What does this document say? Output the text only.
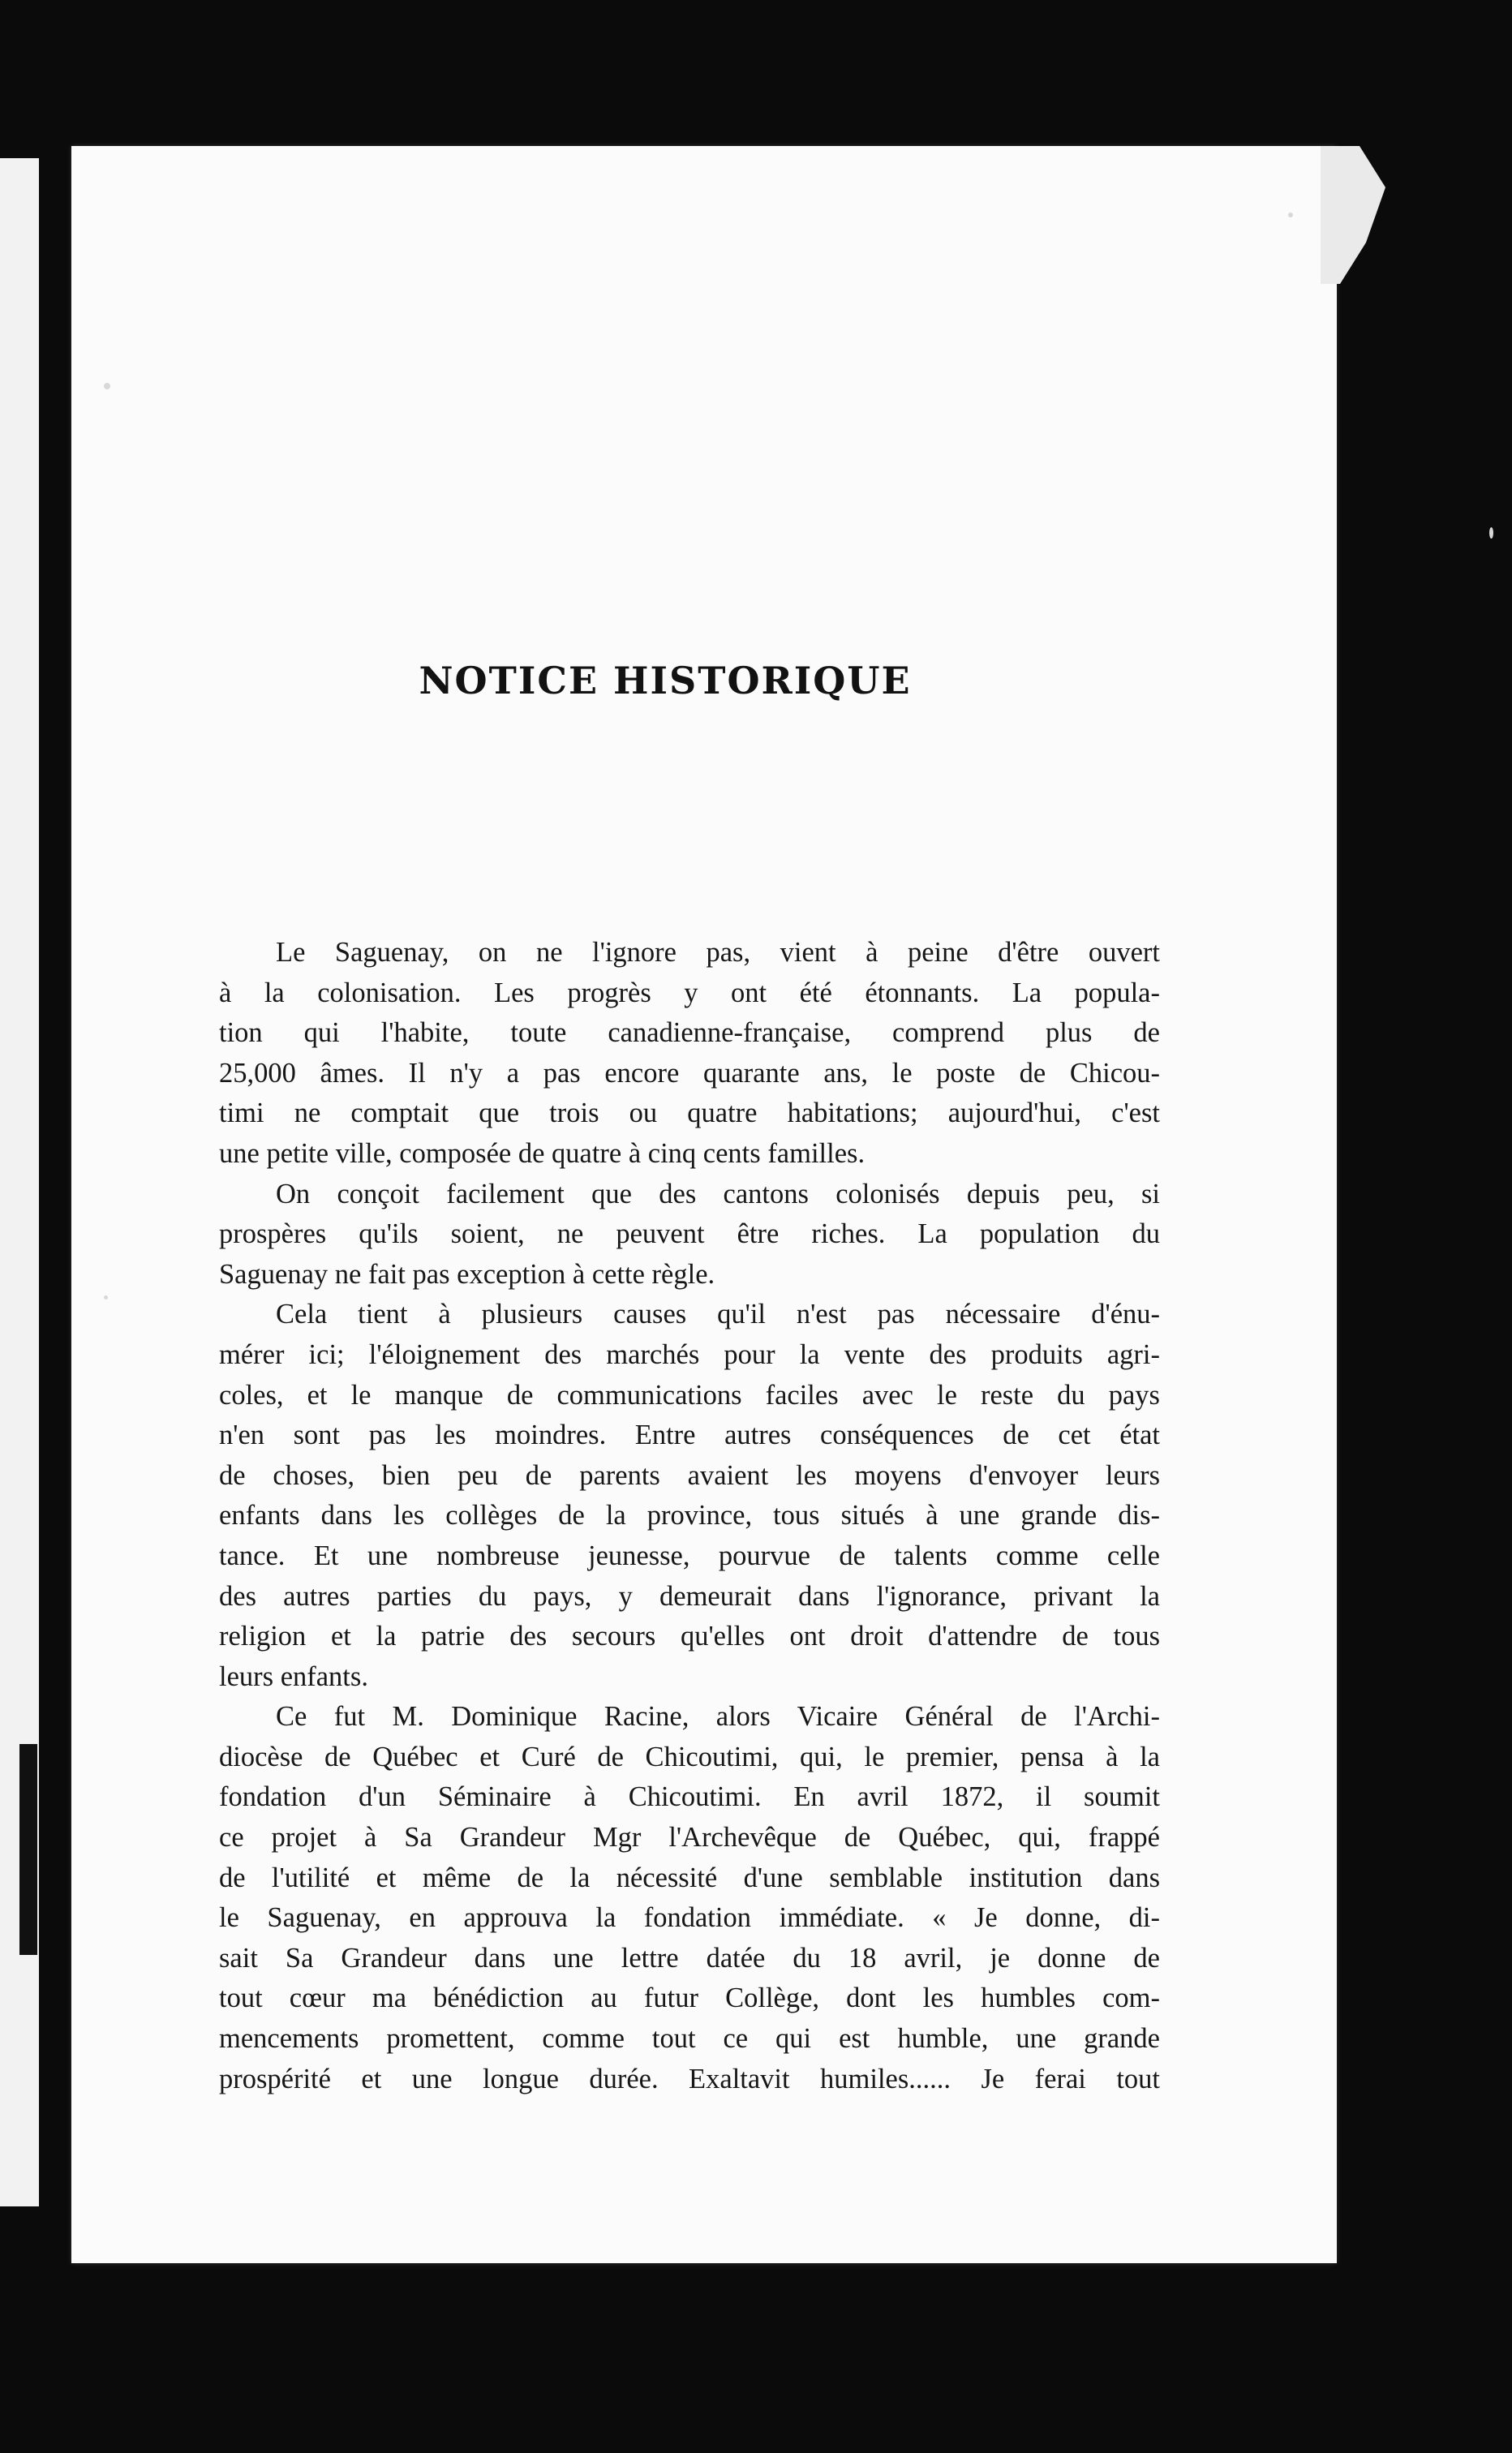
NOTICE HISTORIQUE
Le Saguenay, on ne l'ignore pas, vient à peine d'être ouvert
à la colonisation. Les progrès y ont été étonnants. La popula-
tion qui l'habite, toute canadienne-française, comprend plus de
25,000 âmes. Il n'y a pas encore quarante ans, le poste de Chicou-
timi ne comptait que trois ou quatre habitations; aujourd'hui, c'est
une petite ville, composée de quatre à cinq cents familles.
On conçoit facilement que des cantons colonisés depuis peu, si
prospères qu'ils soient, ne peuvent être riches. La population du
Saguenay ne fait pas exception à cette règle.
Cela tient à plusieurs causes qu'il n'est pas nécessaire d'énu-
mérer ici; l'éloignement des marchés pour la vente des produits agri-
coles, et le manque de communications faciles avec le reste du pays
n'en sont pas les moindres. Entre autres conséquences de cet état
de choses, bien peu de parents avaient les moyens d'envoyer leurs
enfants dans les collèges de la province, tous situés à une grande dis-
tance. Et une nombreuse jeunesse, pourvue de talents comme celle
des autres parties du pays, y demeurait dans l'ignorance, privant la
religion et la patrie des secours qu'elles ont droit d'attendre de tous
leurs enfants.
Ce fut M. Dominique Racine, alors Vicaire Général de l'Archi-
diocèse de Québec et Curé de Chicoutimi, qui, le premier, pensa à la
fondation d'un Séminaire à Chicoutimi. En avril 1872, il soumit
ce projet à Sa Grandeur Mgr l'Archevêque de Québec, qui, frappé
de l'utilité et même de la nécessité d'une semblable institution dans
le Saguenay, en approuva la fondation immédiate. « Je donne, di-
sait Sa Grandeur dans une lettre datée du 18 avril, je donne de
tout cœur ma bénédiction au futur Collège, dont les humbles com-
mencements promettent, comme tout ce qui est humble, une grande
prospérité et une longue durée. Exaltavit humiles...... Je ferai tout
